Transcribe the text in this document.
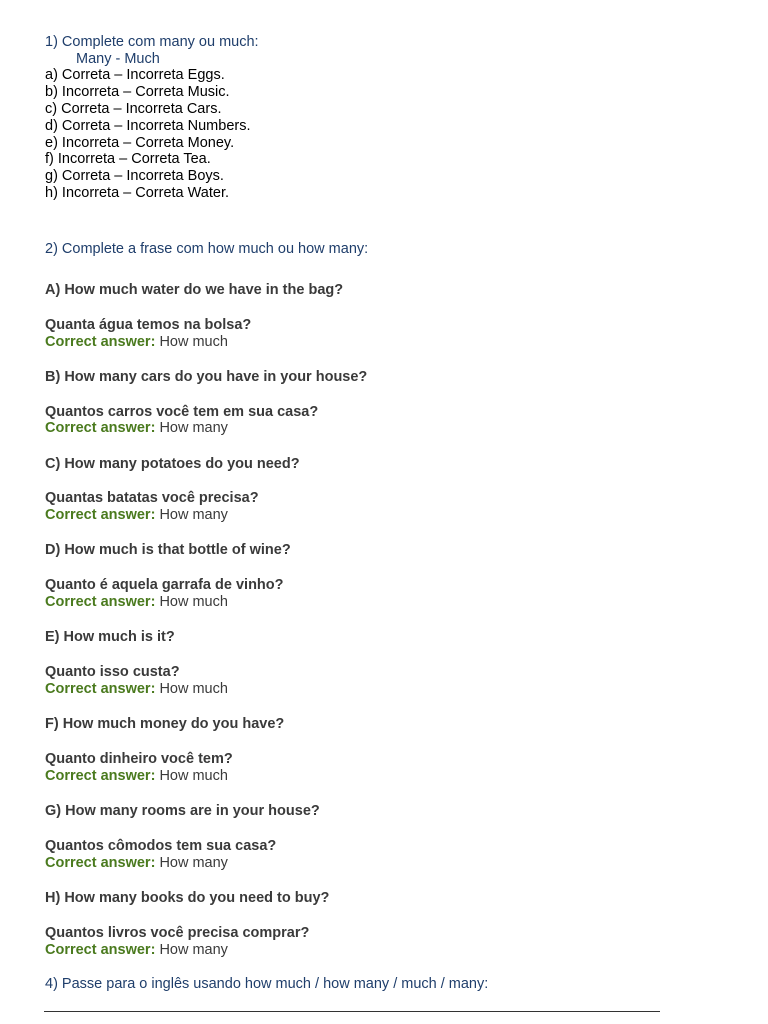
1) Complete com many ou much:
Many - Much
a) Correta – Incorreta Eggs.
b) Incorreta – Correta Music.
c) Correta – Incorreta Cars.
d) Correta – Incorreta Numbers.
e) Incorreta – Correta Money.
f) Incorreta – Correta Tea.
g) Correta – Incorreta Boys.
h) Incorreta – Correta Water.
2) Complete a frase com how much ou how many:
A) How much water do we have in the bag?
Quanta água temos na bolsa?
Correct answer: How much
B) How many cars do you have in your house?
Quantos carros você tem em sua casa?
Correct answer: How many
C) How many potatoes do you need?
Quantas batatas você precisa?
Correct answer: How many
D) How much is that bottle of wine?
Quanto é aquela garrafa de vinho?
Correct answer: How much
E) How much is it?
Quanto isso custa?
Correct answer: How much
F) How much money do you have?
Quanto dinheiro você tem?
Correct answer: How much
G) How many rooms are in your house?
Quantos cômodos tem sua casa?
Correct answer: How many
H) How many books do you need to buy?
Quantos livros você precisa comprar?
Correct answer: How many
4) Passe para o inglês usando how much / how many / much / many:
